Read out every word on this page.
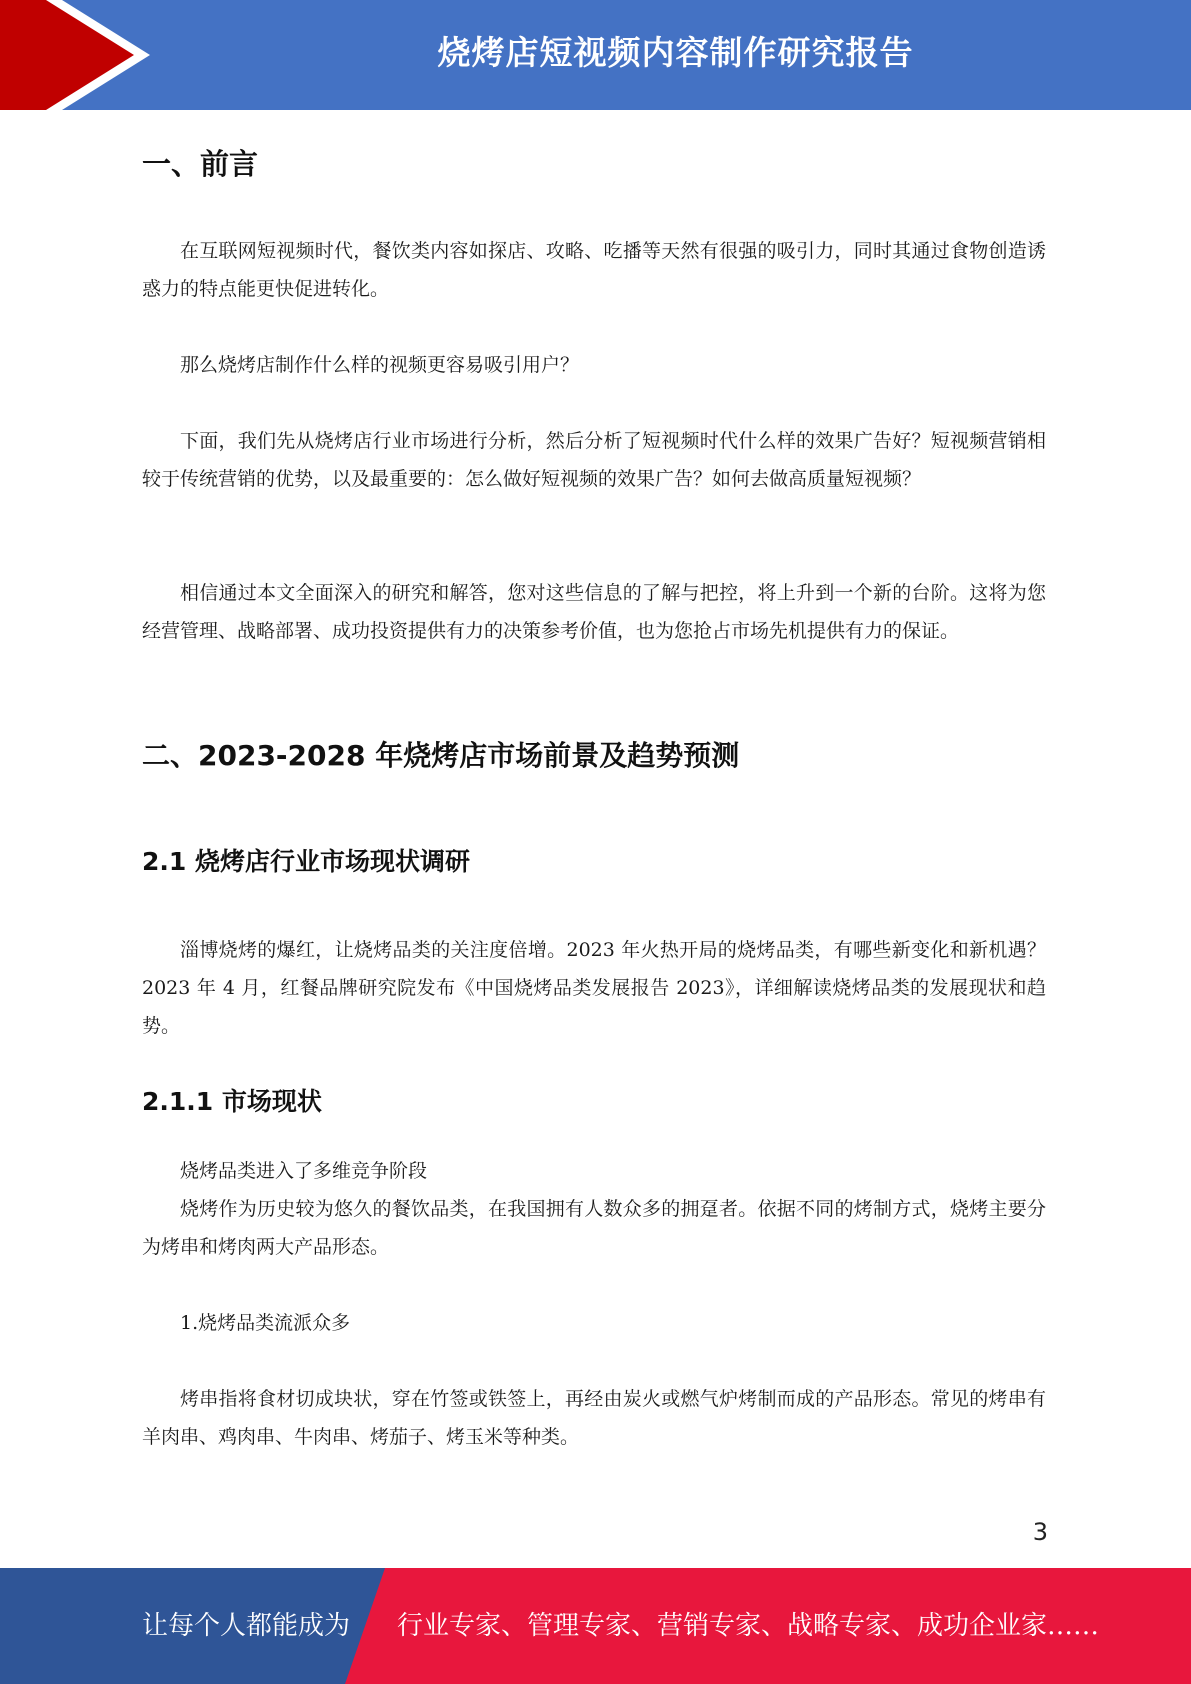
烧烤店短视频内容制作研究报告
一、前言

在互联网短视频时代，餐饮类内容如探店、攻略、吃播等天然有很强的吸引力，同时其通过食物创造诱惑力的特点能更快促进转化。

那么烧烤店制作什么样的视频更容易吸引用户？

下面，我们先从烧烤店行业市场进行分析，然后分析了短视频时代什么样的效果广告好？短视频营销相较于传统营销的优势，以及最重要的：怎么做好短视频的效果广告？如何去做高质量短视频？

相信通过本文全面深入的研究和解答，您对这些信息的了解与把控，将上升到一个新的台阶。这将为您经营管理、战略部署、成功投资提供有力的决策参考价值，也为您抢占市场先机提供有力的保证。

二、2023-2028 年烧烤店市场前景及趋势预测
2.1 烧烤店行业市场现状调研

淄博烧烤的爆红，让烧烤品类的关注度倍增。2023 年火热开局的烧烤品类，有哪些新变化和新机遇？2023 年 4 月，红餐品牌研究院发布《中国烧烤品类发展报告 2023》，详细解读烧烤品类的发展现状和趋势。

2.1.1 市场现状

烧烤品类进入了多维竞争阶段

烧烤作为历史较为悠久的餐饮品类，在我国拥有人数众多的拥趸者。依据不同的烤制方式，烧烤主要分为烤串和烤肉两大产品形态。

1.烧烤品类流派众多

烤串指将食材切成块状，穿在竹签或铁签上，再经由炭火或燃气炉烤制而成的产品形态。常见的烤串有羊肉串、鸡肉串、牛肉串、烤茄子、烤玉米等种类。

3
让每个人都能成为 行业专家、管理专家、营销专家、战略专家、成功企业家……
